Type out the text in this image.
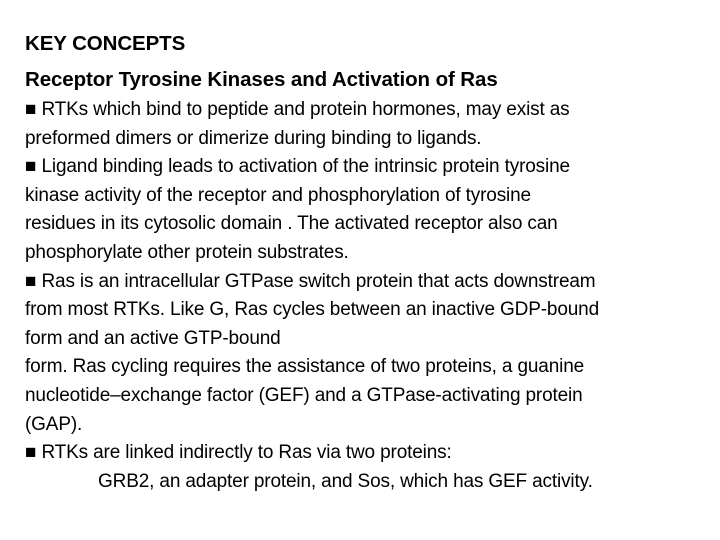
KEY CONCEPTS
Receptor Tyrosine Kinases and Activation of Ras
■ RTKs which bind to peptide and protein hormones, may exist as
preformed dimers or dimerize during binding to ligands.
■ Ligand binding leads to activation of the intrinsic protein tyrosine
kinase activity of the receptor and phosphorylation of tyrosine
residues in its cytosolic domain . The activated receptor also can
phosphorylate other protein substrates.
■ Ras is an intracellular GTPase switch protein that acts downstream
from most RTKs. Like G, Ras cycles between an inactive GDP-bound
form and an active GTP-bound
form. Ras cycling requires the assistance of two proteins, a guanine
nucleotide–exchange factor (GEF) and a GTPase-activating protein
(GAP).
■ RTKs are linked indirectly to Ras via two proteins:
GRB2, an adapter protein, and Sos, which has GEF activity.
